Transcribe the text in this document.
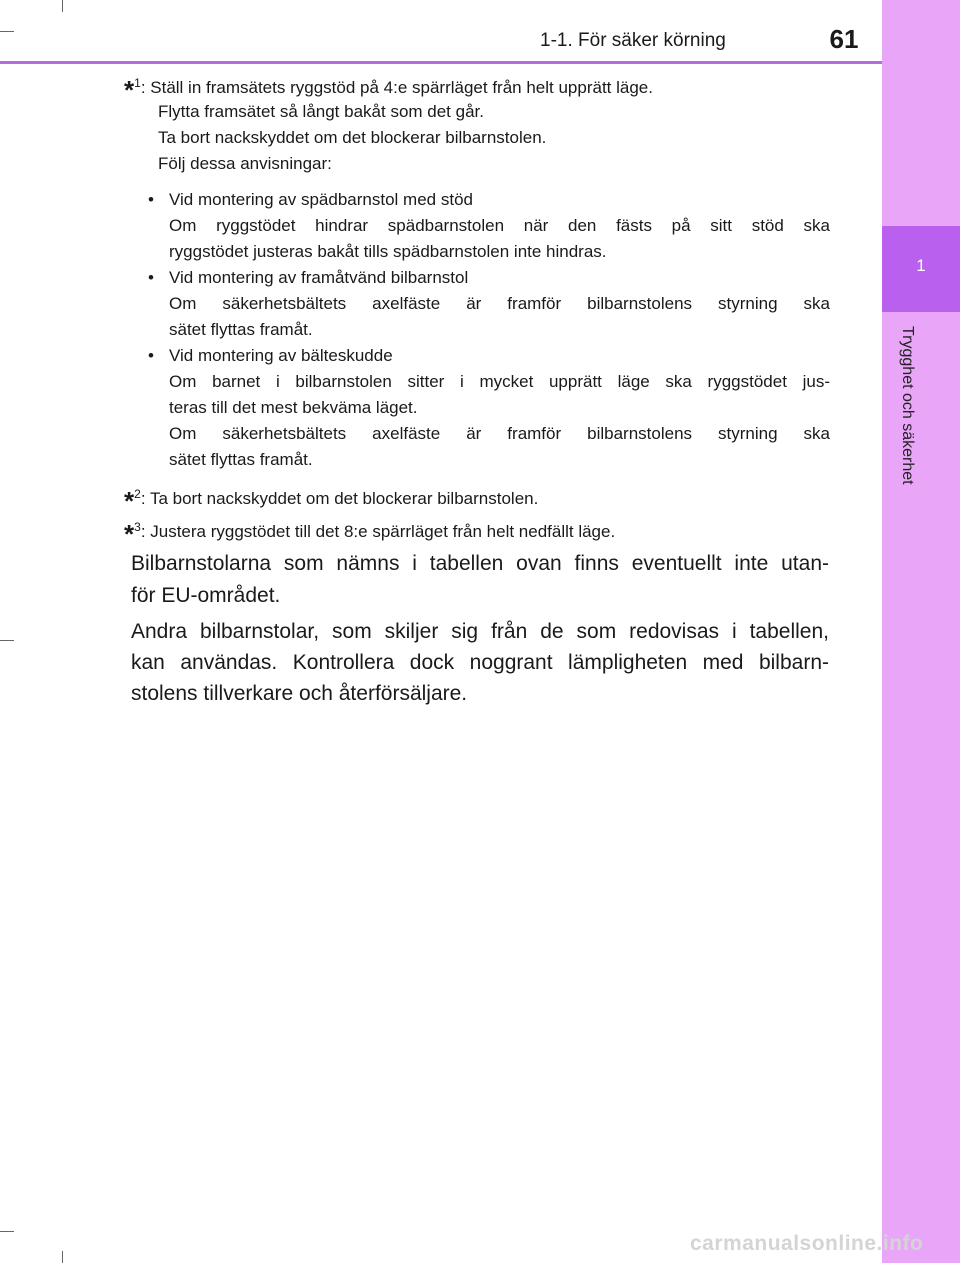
1
Trygghet och säkerhet
1-1. För säker körning	61
*$^1$: Ställ in framsätets ryggstöd på 4:e spärrläget från helt upprätt läge.
Flytta framsätet så långt bakåt som det går.
Ta bort nackskyddet om det blockerar bilbarnstolen.
Följ dessa anvisningar:
• Vid montering av spädbarnstol med stöd
Om ryggstödet hindrar spädbarnstolen när den fästs på sitt stöd ska
ryggstödet justeras bakåt tills spädbarnstolen inte hindras.
• Vid montering av framåtvänd bilbarnstol
Om säkerhetsbältets axelfäste är framför bilbarnstolens styrning ska
sätet flyttas framåt.
• Vid montering av bälteskudde
Om barnet i bilbarnstolen sitter i mycket upprätt läge ska ryggstödet jus-
teras till det mest bekväma läget.
Om säkerhetsbältets axelfäste är framför bilbarnstolens styrning ska
sätet flyttas framåt.
*$^2$: Ta bort nackskyddet om det blockerar bilbarnstolen.
*$^3$: Justera ryggstödet till det 8:e spärrläget från helt nedfällt läge.
Bilbarnstolarna som nämns i tabellen ovan finns eventuellt inte utan-
för EU-området.
Andra bilbarnstolar, som skiljer sig från de som redovisas i tabellen,
kan användas. Kontrollera dock noggrant lämpligheten med bilbarn-
stolens tillverkare och återförsäljare.
carmanualsonline.info
